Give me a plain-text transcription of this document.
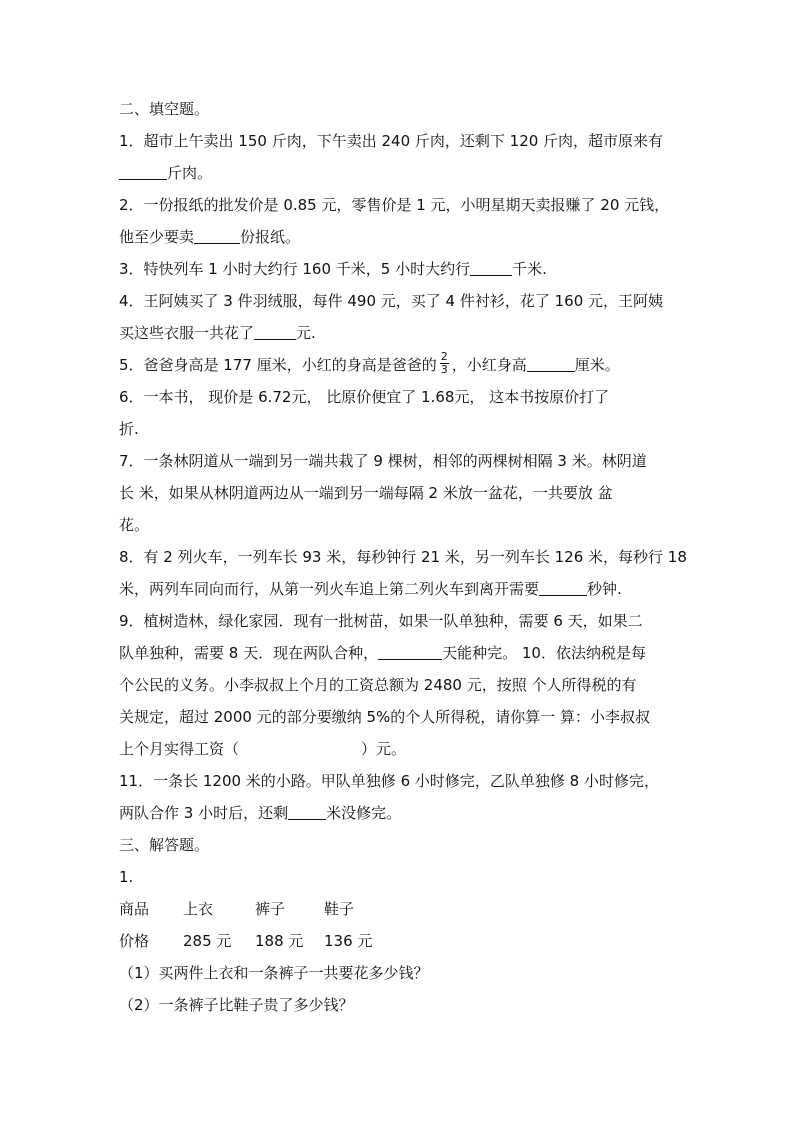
二、填空题。
1．超市上午卖出 150 斤肉，下午卖出 240 斤肉，还剩下 120 斤肉，超市原来有
斤肉。
2．一份报纸的批发价是 0.85 元，零售价是 1 元，小明星期天卖报赚了 20 元钱，
他至少要卖	份报纸。
3．特快列车 1 小时大约行 160 千米，5 小时大约行	千米.
4．王阿姨买了 3 件羽绒服，每件 490 元，买了 4 件衬衫，花了 160 元，王阿姨
买这些衣服一共花了	元.
5．爸爸身高是 177 厘米，小红的身高是爸爸的 $\frac{2}{3}$ ，小红身高	厘米。
6．一本书， 现价是 6.72元， 比原价便宜了 1.68元， 这本书按原价打了
折.
7．一条林阴道从一端到另一端共栽了 9 棵树，相邻的两棵树相隔 3 米。林阴道
长 米，如果从林阴道两边从一端到另一端每隔 2 米放一盆花，一共要放 盆
花。
8．有 2 列火车，一列车长 93 米，每秒钟行 21 米，另一列车长 126 米，每秒行 18
米，两列车同向而行，从第一列火车追上第二列火车到离开需要	秒钟.
9．植树造林，绿化家园．现有一批树苗，如果一队单独种，需要 6 天，如果二
队单独种，需要 8 天．现在两队合种，	天能种完。 10．依法纳税是每
个公民的义务。小李叔叔上个月的工资总额为 2480 元，按照 个人所得税的有
关规定，超过 2000 元的部分要缴纳 5%的个人所得税，请你算一 算：小李叔叔
上个月实得工资（	）元。
11．一条长 1200 米的小路。甲队单独修 6 小时修完，乙队单独修 8 小时修完，
两队合作 3 小时后，还剩	米没修完。
三、解答题。
1.
商品 上衣	裤子	鞋子
价格 285 元 188 元 136 元
（1）买两件上衣和一条裤子一共要花多少钱？
（2）一条裤子比鞋子贵了多少钱？
